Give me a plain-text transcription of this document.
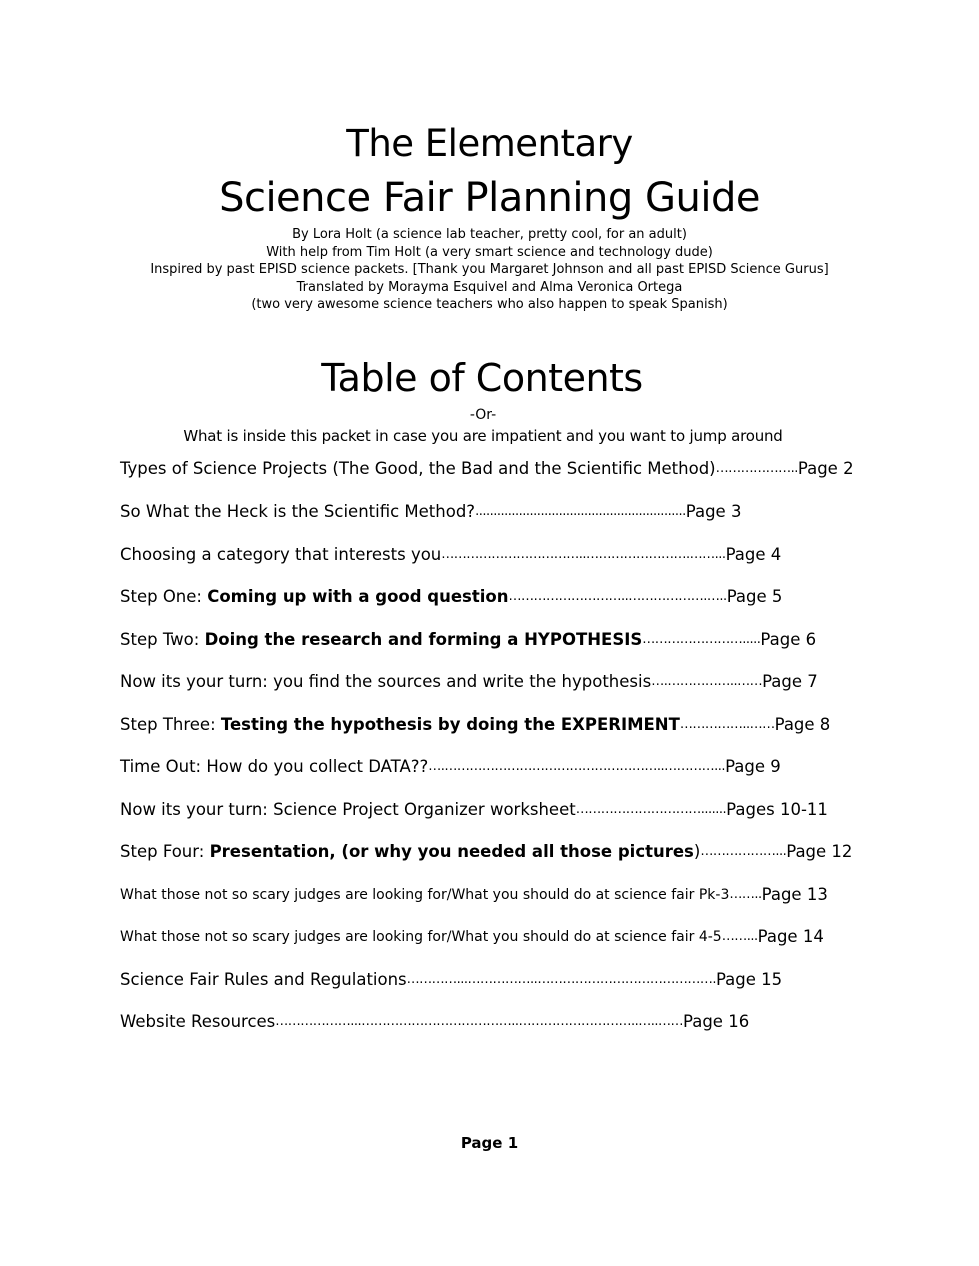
The Elementary
Science Fair Planning Guide
By Lora Holt (a science lab teacher, pretty cool, for an adult)
With help from Tim Holt (a very smart science and technology dude)
Inspired by past EPISD science packets. [Thank you Margaret Johnson and all past EPISD Science Gurus]
Translated by Morayma Esquivel and Alma Veronica Ortega
(two very awesome science teachers who also happen to speak Spanish)
Table of Contents
-Or-
What is inside this packet in case you are impatient and you want to jump around
Types of Science Projects (The Good, the Bad and the Scientific Method) ……………….. Page 2
So What the Heck is the Scientific Method? .......................................................... Page 3
Choosing a category that interests you ……………………………..…………………….……... Page 4
Step One: Coming up with a good question ………………………..……………….….. Page 5
Step Two: Doing the research and forming a HYPOTHESIS ……………………..... Page 6
Now its your turn: you find the sources and write the hypothesis ….……………..…… Page 7
Step Three: Testing the hypothesis by doing the EXPERIMENT ……………..…… Page 8
Time Out: How do you collect DATA?? ….……………………………………………..…………... Page 9
Now its your turn: Science Project Organizer worksheet …………………………....... Pages 10-11
Step Four: Presentation, (or why you needed all those pictures) ………………... Page 12
What those not so scary judges are looking for/What you should do at science fair Pk-3 …….. Page 13
What those not so scary judges are looking for/What you should do at science fair 4-5 ……... Page 14
Science Fair Rules and Regulations …………...……………..……………………………………. Page 15
Website Resources ………………...………………………………..………………………..…..…… Page 16
Page 1
